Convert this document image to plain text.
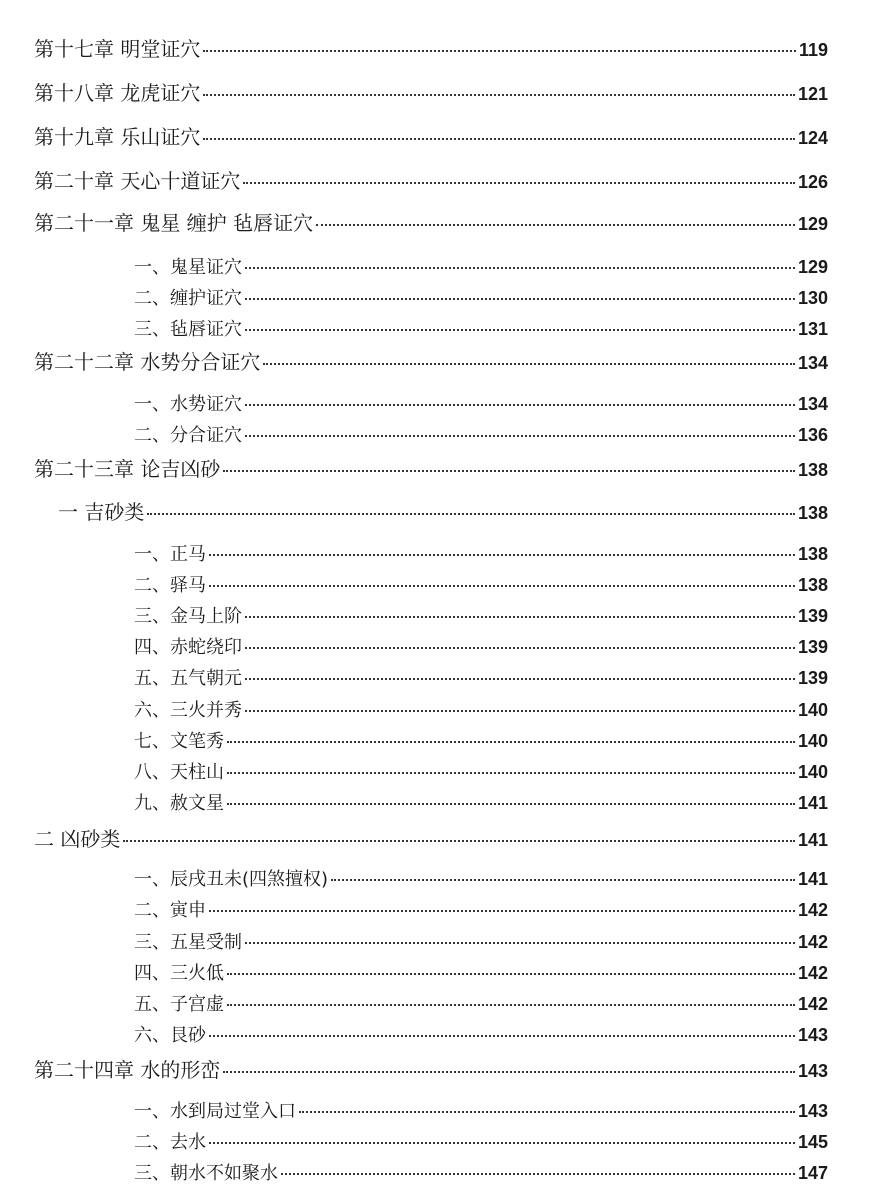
第十七章 明堂证穴	119
第十八章 龙虎证穴	121
第十九章 乐山证穴	124
第二十章 天心十道证穴	126
第二十一章 鬼星 缠护 毡唇证穴	129
一、鬼星证穴	129
二、缠护证穴	130
三、毡唇证穴	131
第二十二章 水势分合证穴	134
一、水势证穴	134
二、分合证穴	136
第二十三章 论吉凶砂	138
一 吉砂类	138
一、正马	138
二、驿马	138
三、金马上阶	139
四、赤蛇绕印	139
五、五气朝元	139
六、三火并秀	140
七、文笔秀	140
八、天柱山	140
九、赦文星	141
二 凶砂类	141
一、辰戌丑未(四煞擅权)	141
二、寅申	142
三、五星受制	142
四、三火低	142
五、子宫虚	142
六、艮砂	143
第二十四章 水的形峦	143
一、水到局过堂入口	143
二、去水	145
三、朝水不如聚水	147
